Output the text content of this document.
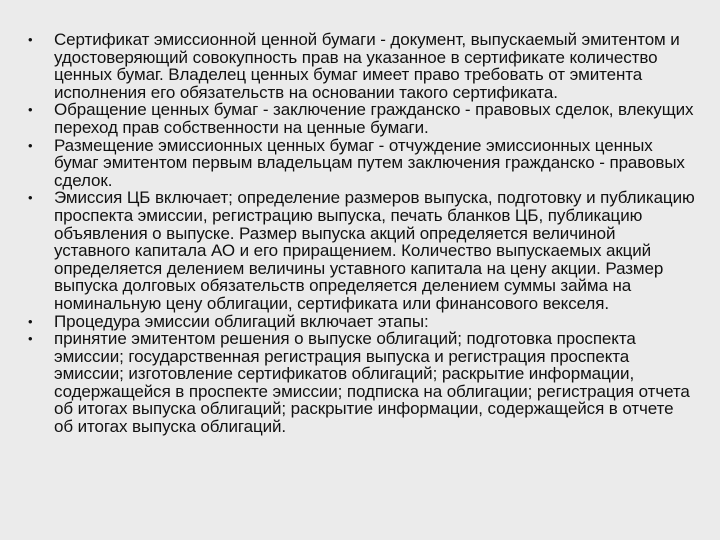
•	Сертификат эмиссионной ценной бумаги - документ, выпускаемый эмитентом и удостоверяющий совокупность прав на указанное в сертификате количество ценных бумаг. Владелец ценных бумаг имеет право требовать от эмитента исполнения его обязательств на основании такого сертификата.
•	Обращение ценных бумаг - заключение гражданско - правовых сделок, влекущих переход прав собственности на ценные бумаги.
•	Размещение эмиссионных ценных бумаг - отчуждение эмиссионных ценных бумаг эмитентом первым владельцам путем заключения гражданско - правовых сделок.
•	Эмиссия ЦБ включает; определение размеров выпуска, подготовку и публикацию проспекта эмиссии, регистрацию выпуска, печать бланков ЦБ, публикацию объявления о выпуске. Размер выпуска акций определяется величиной уставного капитала АО и его приращением. Количество выпускаемых акций определяется делением величины уставного капитала на цену акции. Размер выпуска долговых обязательств определяется делением суммы займа на номинальную цену облигации, сертификата или финансового векселя.
•	Процедура эмиссии облигаций включает этапы:
•	принятие эмитентом решения о выпуске облигаций; подготовка проспекта эмиссии; государственная регистрация выпуска и регистрация проспекта эмиссии; изготовление сертификатов облигаций; раскрытие информации, содержащейся в проспекте эмиссии; подписка на облигации; регистрация отчета об итогах выпуска облигаций; раскрытие информации, содержащейся в отчете об итогах выпуска облигаций.
